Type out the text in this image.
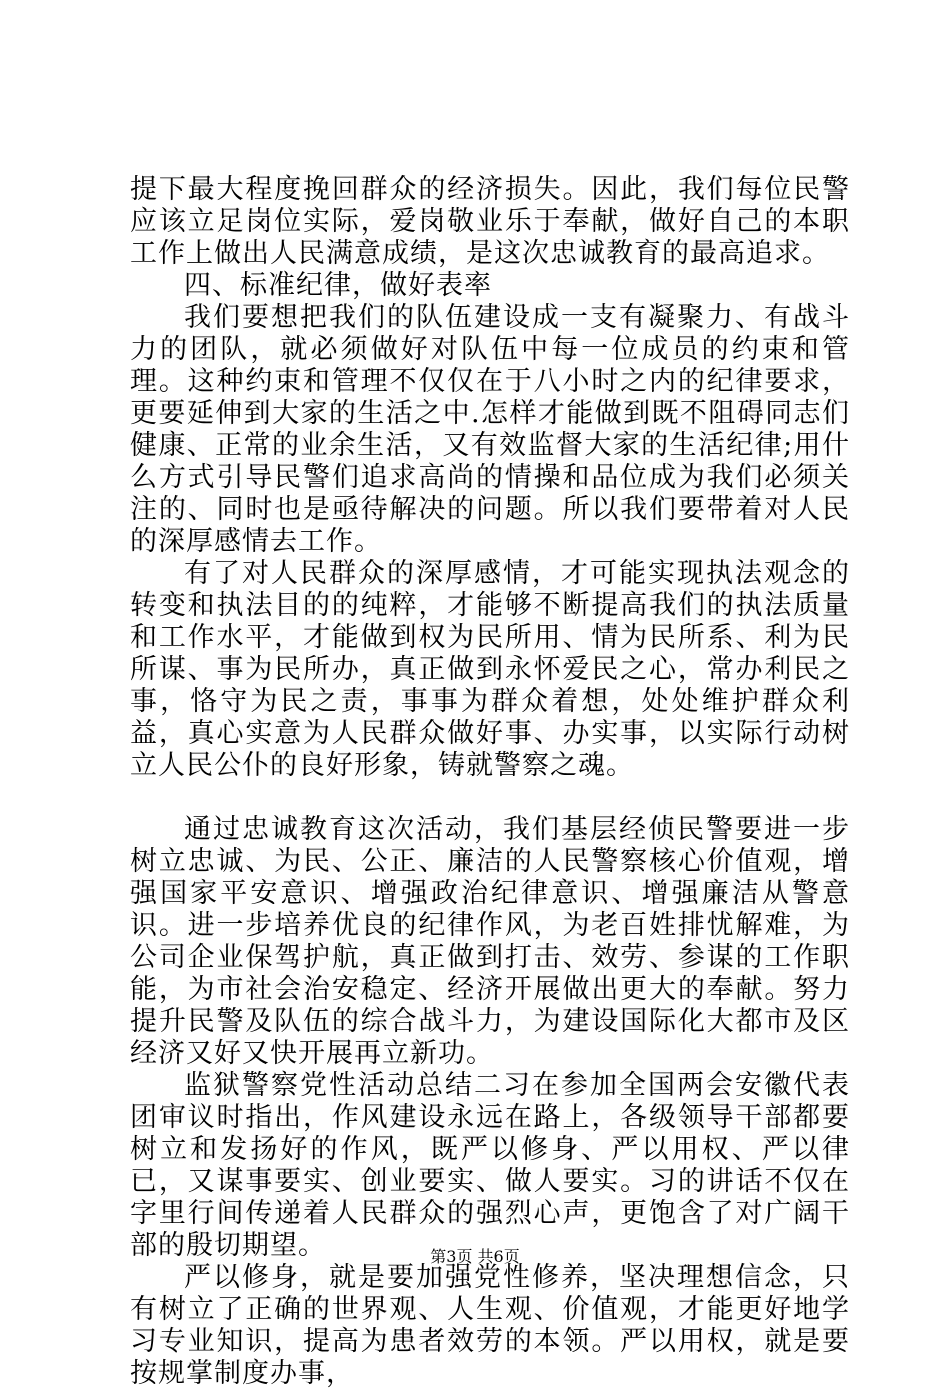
提下最大程度挽回群众的经济损失。因此，我们每位民警应该立足岗位实际，爱岗敬业乐于奉献，做好自己的本职工作上做出人民满意成绩，是这次忠诚教育的最高追求。

四、标准纪律，做好表率

我们要想把我们的队伍建设成一支有凝聚力、有战斗力的团队，就必须做好对队伍中每一位成员的约束和管理。这种约束和管理不仅仅在于八小时之内的纪律要求，更要延伸到大家的生活之中.怎样才能做到既不阻碍同志们健康、正常的业余生活，又有效监督大家的生活纪律;用什么方式引导民警们追求高尚的情操和品位成为我们必须关注的、同时也是亟待解决的问题。所以我们要带着对人民的深厚感情去工作。

有了对人民群众的深厚感情，才可能实现执法观念的转变和执法目的的纯粹，才能够不断提高我们的执法质量和工作水平，才能做到权为民所用、情为民所系、利为民所谋、事为民所办，真正做到永怀爱民之心，常办利民之事，恪守为民之责，事事为群众着想，处处维护群众利益，真心实意为人民群众做好事、办实事，以实际行动树立人民公仆的良好形象，铸就警察之魂。

通过忠诚教育这次活动，我们基层经侦民警要进一步树立忠诚、为民、公正、廉洁的人民警察核心价值观，增强国家平安意识、增强政治纪律意识、增强廉洁从警意识。进一步培养优良的纪律作风，为老百姓排忧解难，为公司企业保驾护航，真正做到打击、效劳、参谋的工作职能，为市社会治安稳定、经济开展做出更大的奉献。努力提升民警及队伍的综合战斗力，为建设国际化大都市及区经济又好又快开展再立新功。

监狱警察党性活动总结二习在参加全国两会安徽代表团审议时指出，作风建设永远在路上，各级领导干部都要树立和发扬好的作风，既严以修身、严以用权、严以律已，又谋事要实、创业要实、做人要实。习的讲话不仅在字里行间传递着人民群众的强烈心声，更饱含了对广阔干部的殷切期望。

严以修身，就是要加强党性修养，坚决理想信念，只有树立了正确的世界观、人生观、价值观，才能更好地学习专业知识，提高为患者效劳的本领。严以用权，就是要按规掌制度办事，

第3页 共6页
